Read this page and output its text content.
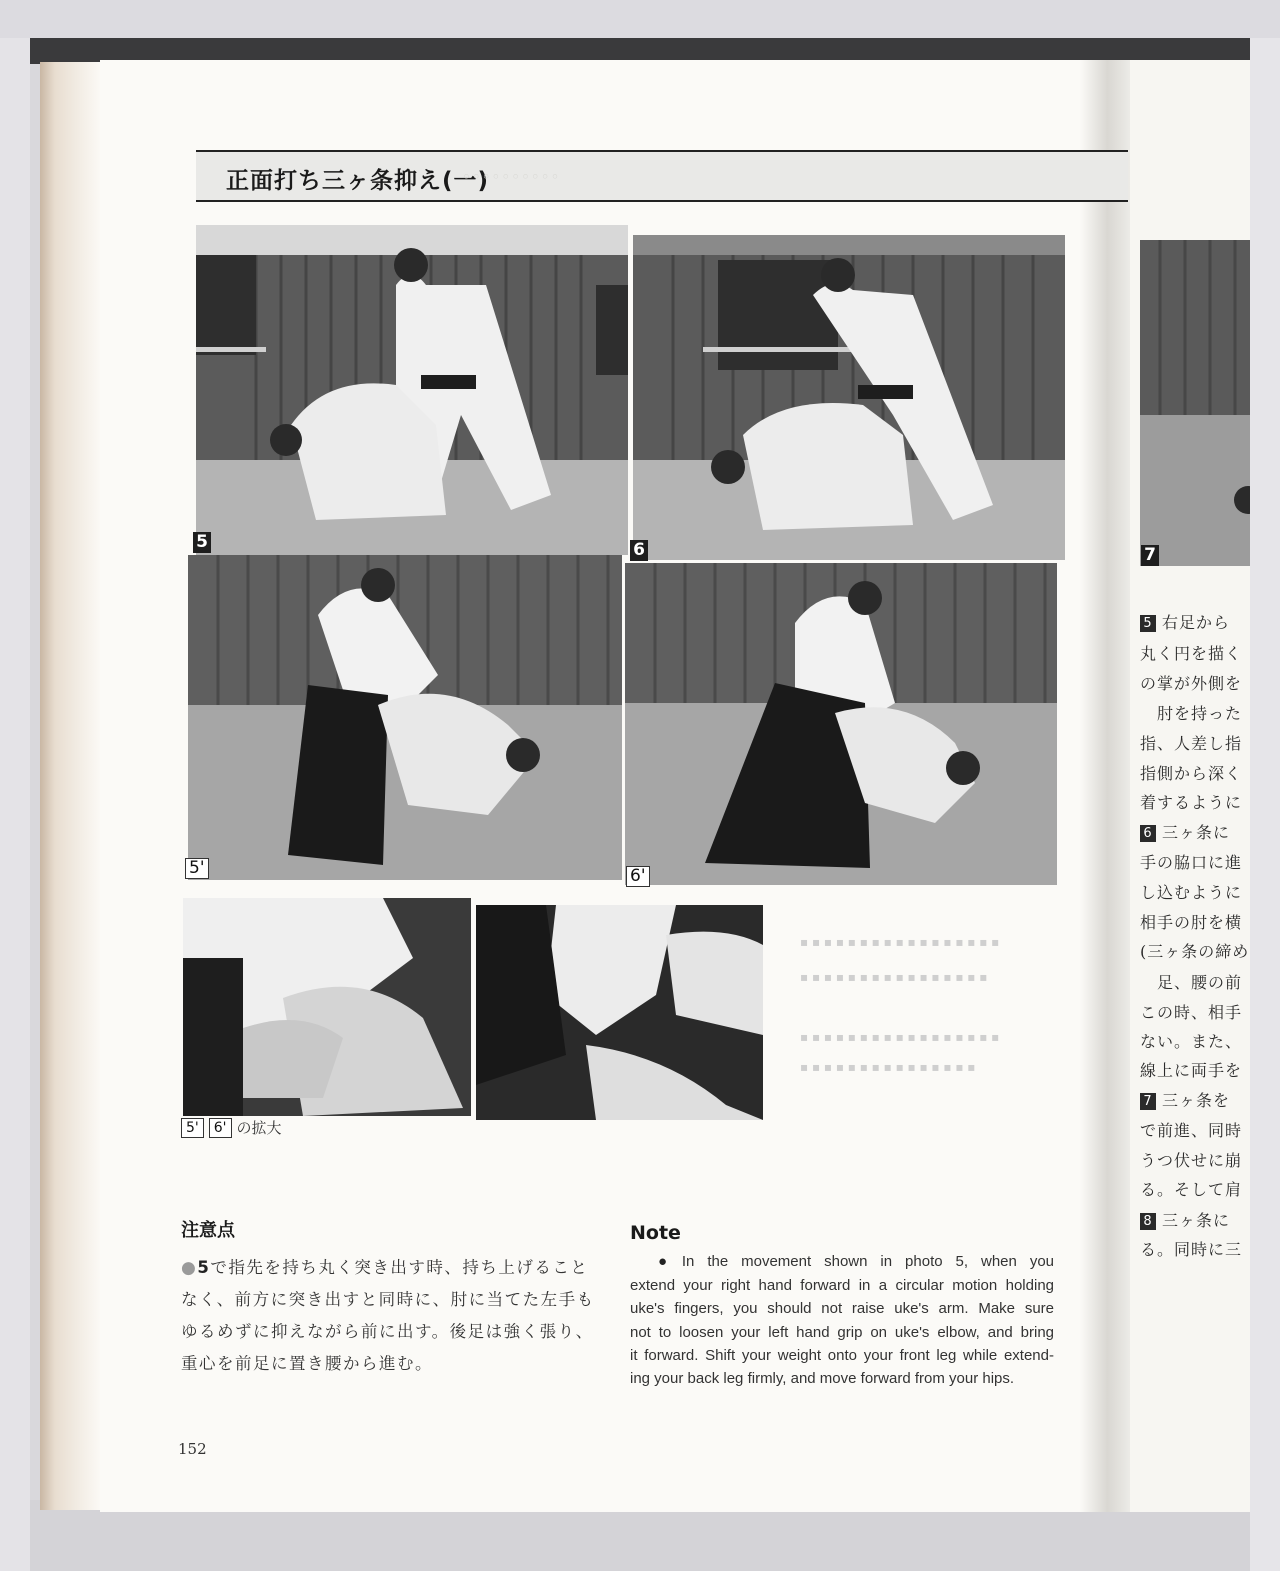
正面打ち三ヶ条抑え(一)
◦◦◦◦◦◦◦◦◦◦
5	6
5'	6'
5'	6' の拡大
注意点
●5で指先を持ち丸く突き出す時、持ち上げること
なく、前方に突き出すと同時に、肘に当てた左手も
ゆるめずに抑えながら前に出す。後足は強く張り、
重心を前足に置き腰から進む。
Note
● In the movement shown in photo 5, when you
extend your right hand forward in a circular motion holding
uke's fingers, you should not raise uke's arm. Make sure
not to loosen your left hand grip on uke's elbow, and bring
it forward. Shift your weight onto your front leg while extend-
ing your back leg firmly, and move forward from your hips.
152
7
5 右足から
丸く円を描く
の掌が外側を
　肘を持った
指、人差し指
指側から深く
着するように
6 三ヶ条に
手の脇口に進
し込むように
相手の肘を横
(三ヶ条の締め
　足、腰の前
この時、相手
ない。また、
線上に両手を
7 三ヶ条を
で前進、同時
うつ伏せに崩
る。そして肩
8 三ヶ条に
る。同時に三
▪ ▪ ▪ ▪ ▪ ▪ ▪ ▪ ▪ ▪ ▪ ▪ ▪ ▪ ▪ ▪ ▪
▪ ▪ ▪ ▪ ▪ ▪ ▪ ▪ ▪ ▪ ▪ ▪ ▪ ▪ ▪ ▪
▪ ▪ ▪ ▪ ▪ ▪ ▪ ▪ ▪ ▪ ▪ ▪ ▪ ▪ ▪ ▪ ▪
▪ ▪ ▪ ▪ ▪ ▪ ▪ ▪ ▪ ▪ ▪ ▪ ▪ ▪ ▪
